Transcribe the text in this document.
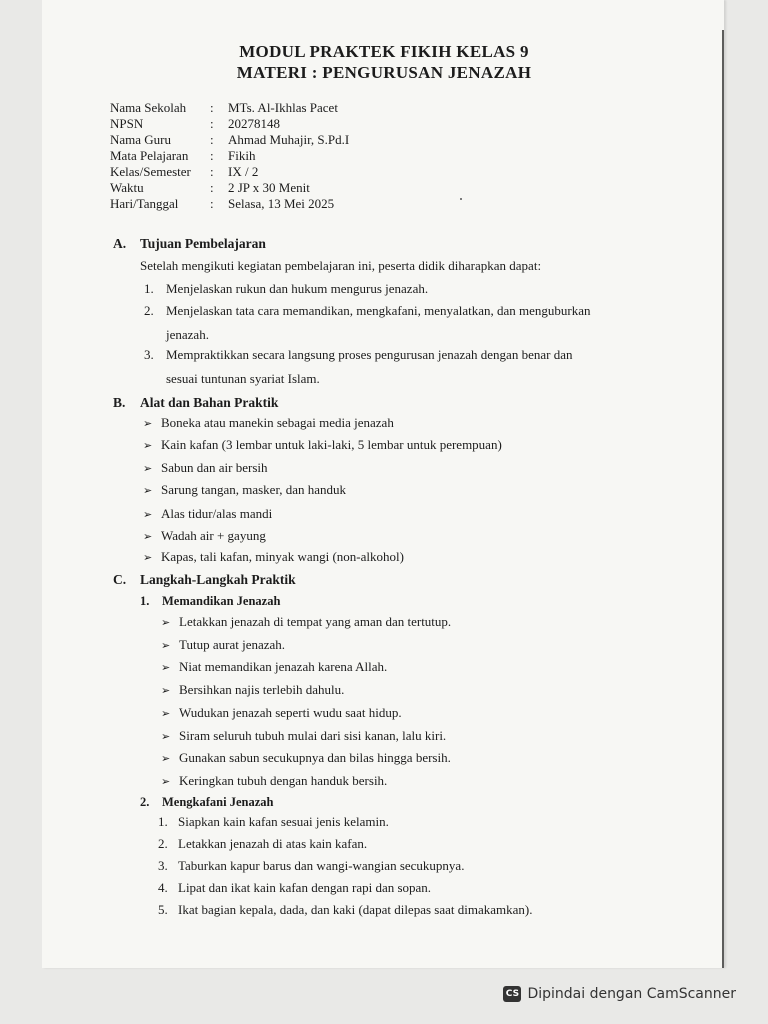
MODUL PRAKTEK FIKIH KELAS 9
MATERI : PENGURUSAN JENAZAH
Nama Sekolah	:	MTs. Al-Ikhlas Pacet
NPSN	:	20278148
Nama Guru	:	Ahmad Muhajir, S.Pd.I
Mata Pelajaran	:	Fikih
Kelas/Semester	:	IX / 2
Waktu	:	2 JP x 30 Menit
Hari/Tanggal	:	Selasa, 13 Mei 2025
A. Tujuan Pembelajaran
Setelah mengikuti kegiatan pembelajaran ini, peserta didik diharapkan dapat:
1. Menjelaskan rukun dan hukum mengurus jenazah.
2. Menjelaskan tata cara memandikan, mengkafani, menyalatkan, dan menguburkan
jenazah.
3. Mempraktikkan secara langsung proses pengurusan jenazah dengan benar dan
sesuai tuntunan syariat Islam.
B. Alat dan Bahan Praktik
➢ Boneka atau manekin sebagai media jenazah
➢ Kain kafan (3 lembar untuk laki-laki, 5 lembar untuk perempuan)
➢ Sabun dan air bersih
➢ Sarung tangan, masker, dan handuk
➢ Alas tidur/alas mandi
➢ Wadah air + gayung
➢ Kapas, tali kafan, minyak wangi (non-alkohol)
C. Langkah-Langkah Praktik
1. Memandikan Jenazah
➢ Letakkan jenazah di tempat yang aman dan tertutup.
➢ Tutup aurat jenazah.
➢ Niat memandikan jenazah karena Allah.
➢ Bersihkan najis terlebih dahulu.
➢ Wudukan jenazah seperti wudu saat hidup.
➢ Siram seluruh tubuh mulai dari sisi kanan, lalu kiri.
➢ Gunakan sabun secukupnya dan bilas hingga bersih.
➢ Keringkan tubuh dengan handuk bersih.
2. Mengkafani Jenazah
1. Siapkan kain kafan sesuai jenis kelamin.
2. Letakkan jenazah di atas kain kafan.
3. Taburkan kapur barus dan wangi-wangian secukupnya.
4. Lipat dan ikat kain kafan dengan rapi dan sopan.
5. Ikat bagian kepala, dada, dan kaki (dapat dilepas saat dimakamkan).
CS Dipindai dengan CamScanner
